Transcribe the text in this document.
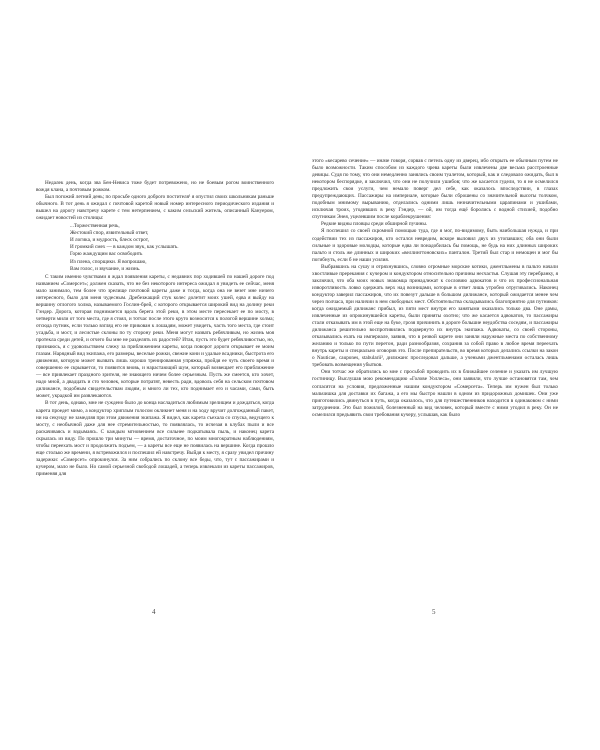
Недалек день, когда зва Бен-Невиса тоже будет потревожено, но не боевым рогом воинственного вождя клана, а почтовым рожком.

Был погожий летний день; по просьбе одного доброго постителя¹ я опустил своих школьникам раньше обычного. В тот день я ожидал с почтовой каретой новый номер интересного периодического издания и вышел на дорогу навстречу карете с тем нетерпением, с каким сельский житель, описанный Кануером, ожидает новостей из столицы:

...Торжественная речь,
Жестокий спор, язвительный ответ,
И логика, и мудрость, блеск острот,
И громкий смех — в каждом звук, как услышать.
Горю жаждущим вас освободить
Из плена, спорщики. Я вопрошаю,
Вам голос, и звучание, и жизнь.

С таким именно чувствами я ждал появления кареты, с недавних пор ходившей по нашей дороге под названием «Сомерсет»; должен сказать, что не без некоторого интереса ожидал я увидеть ее сейчас, меня мало занимало, тем более что зрелище почтовой кареты даже и тогда, когда она не везет мне ничего интересного, было для меня чудесным. Дребезжащий стук колес долетит моих ушей, едва я выйду на вершину отлогого холма, называемого Гослин-брей, с которого открывается широкий вид на долину реки Гэндер. Дорога, которая поднимается вдоль берега этой реки, в этом месте пересекает ее по мосту, в четверти мили от того места, где я стоял, и тотчас после этого круто возносится к пологой вершине холма; отсюда путник, если только взгляд его не прикован к лошадям, может увидеть, часть того места, где стоит усадьба, и мост, и лесистые склоны по ту сторону реки. Меня могут назвать ребячливым, но жизнь моя протекла среди детей, и отчего бы мне не разделять их радостей? Итак, пусть это будет ребячливостью, но, признаюсь, я с удовольствием слежу за приближением кареты, когда поворот дороги открывает ее моим глазам. Нарядный вид экипажа, его размеры, веселые рожки, свежие кони и удалые всадники, быстрота его движения, которую может вызвать лишь хорошо тренированная упряжка, пройдя ее чуть своего время и совершенно ее скрывается, то появится вновь, и нарастающий шум, который возвещает его приближение — все привлекает праздного зрителя, не знающего ничем более серьезным. Пусть же смеется, кто хочет, надо мной, а двадцать и сто человек, которые потратят, невесть ради, вдоволь себя на сельском почтовом дилижансе, подобным свидетельствам людям, и много ли тех, кто поднимает его и часами, сами, быть может, украдкой им развлекаются.

В тот день, однако, мне не суждено было до конца насладиться любимым зрелищем и дождаться, когда карета проедет мимо, а кондуктор хриплым голосом окликнет меня и на ходу вручит долгожданный пакет, ни на секунду не замедляя при этом движения экипажа. Я видел, как карета съехала со спуска, ведущего к мосту, с необычной даже для нее стремительностью, то появлялась, то исчезая в клубах пыли и все раскачиваясь и вздымаясь. С каждым мгновением все сильнее подкатывала пыль, и наконец карета скрылась из виду. По прошло три минуты — время, достаточное, по моим многократным наблюдениям, чтобы переехать мост и продолжить подъем, — а кареты все еще не появилась на вершине. Когда прошло еще столько же времени, я встревожился и поспешил ей навстречу. Выйдя к месту, я сразу увидел причину задержки: «Сомерсет» опрокинулся. За ним собрались по склону все беды, что, тут с пассажирами и кучером, мало не было. Но самой серьезной свободой лошадей, а теперь извлекали из кареты пассажиров, применяя для

4

этого «кесарево сечение» — иначе говоря, сорвав с петель одну из дверец, ибо открыть ее обычным путем не было возможности. Таким способом из каждого чрева кареты были извлечены две весьма расстроенные девицы. Судя по тому, что они немедленно занялись своим туалетом, который, как и следовало ожидать, был в некотором беспорядке, я заключил, что они не получили ушибов; что же касается гудели, то я не осмелился предложить свои услуги, чем немало поверг дел себе, как оказалось впоследствии, в глазах предупреждающих. Пассажиры на империале, которые были сброшены со значительной высоты толчком, подобным мнимому вырыванию, отделались одними лишь незначительными царапинами и ушибами, исключая троих, угодивших в реку Гэндер, — ой, им тогда ещё боролись с водной стихией, подобно спутникам Энея, уцелевшим после кораблекрушения:

Редкие видны пловцы среди обширной пучины.

Я поспешил со своей скромной помощью туда, где я мог, по-видимому, быть наибольшая нужда, и при содействии тех из пассажиров, кто остался невредим, вскоре выловил двух из утопавших; оба они были сильные и здоровые молодцы, которые едва ли понадобилась бы помощь, не будь на них длинных широких пальто и столь же длинных и широких «веллингтоновских» панталон. Третий был стар и немощен и мог бы погибнуть, если б не наши усилия.

Выбравшись на сушу и отряхнувшись, словно огромные морские котики, джентльмены в пальто начали хвостливые пререкания с кучером и кондуктором относительно причины несчастья. Слушая эту перебранку, я заключил, что оба моих новых знакомца принадлежат к сословию адвокатов и что их профессиональная изворотливость ловко одержать верх над возницами, которые в ответ лишь утробно отругивались. Наконец кондуктор заверил пассажиров, что их повезут дальше в большом дилижансе, который ожидается менее чем через полчаса, при наличии в нем свободных мест. Обстоятельства складывались благоприятно для путников: когда ожидаемый дилижанс прибыл, из пяти мест внутри его занятыми оказались только два. Оне дамы, извлеченные из опрокинувшейся кареты, были приняты охотно; что же касается адвокатов, то пассажиры стали отказывать им в этой еще на буке, грозя причинить в дороге большие неудобства соседям, и пассажиры дилижанса решительно воспротивились подвернуто их внутрь экипажа. Адвокаты, со своей стороны, отказывались ехать на империале, заявив, что в резвой карете они заняли наружные места по собственному желанию и только по пути перетон, ради разнообразия, сохранив за собой право в любое время переехать внутрь кареты и специально оговорив это. После препирательств, во время которых делались ссылки на закон о Nauticae, caupones, stabularii², дилижанс проследовал дальше, а учеными джентльменами осталась лишь требовать возмещения убытков.

Они тотчас же обратились ко мне с просьбой проводить их в ближайшее селение и указать им лучшую гостиницу. Выслушав мою рекомендацию «Голове Уоллеса», они заявили, что лучше остановятся там, чем согласятся на условия, предложенные нашим кондуктором «Сомерсета». Теперь им нужен был только мальчишка для доставки их багажа, а его мы быстро нашли в одном из придорожных домишек. Они уже приготовились двинуться в путь, когда оказалось, что для путешественников находится в одинаковом с ними затруднении. Это был пожилой, болезненный на вид человек, который вместе с ними угодил в реку. Он не осмелился предъявить свои требования кучеру, услышав, как было

5
